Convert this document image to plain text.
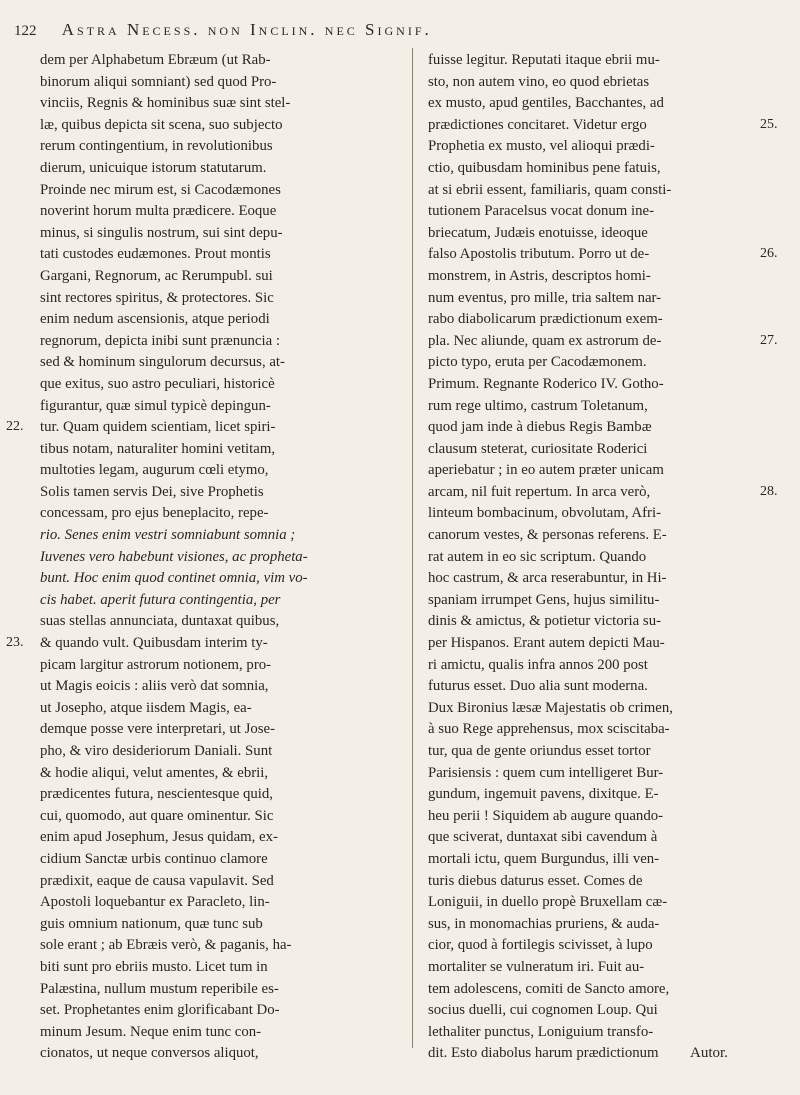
122 Astra Necess. non Inclin. nec Signif.
dem per Alphabetum Ebræum (ut Rab-
binorum aliqui somniant) sed quod Pro-
vinciis, Regnis & hominibus suæ sint stel-
læ, quibus depicta sit scena, suo subjecto
rerum contingentium, in revolutionibus
dierum, unicuique istorum statutarum.
Proinde nec mirum est, si Cacodæmones
noverint horum multa prædicere. Eoque
minus, si singulis nostrum, sui sint depu-
tati custodes eudæmones. Prout montis
Gargani, Regnorum, ac Rerumpubl. sui
sint rectores spiritus, & protectores. Sic
enim nedum ascensionis, atque periodi
regnorum, depicta inibi sunt prænuncia :
sed & hominum singulorum decursus, at-
que exitus, suo astro peculiari, historicè
figurantur, quæ simul typicè depingun-
tur. Quam quidem scientiam, licet spiri-
tibus notam, naturaliter homini vetitam,
multoties legam, augurum cœli etymo,
Solis tamen servis Dei, sive Prophetis
concessam, pro ejus beneplacito, repe-
rio. Senes enim vestri somniabunt somnia ;
Iuvenes vero habebunt visiones, ac propheta-
bunt. Hoc enim quod continet omnia, vim vo-
cis habet. aperit futura contingentia, per
suas stellas annunciata, duntaxat quibus,
& quando vult. Quibusdam interim ty-
picam largitur astrorum notionem, pro-
ut Magis eoicis : aliis verò dat somnia,
ut Josepho, atque iisdem Magis, ea-
demque posse vere interpretari, ut Jose-
pho, & viro desideriorum Daniali. Sunt
& hodie aliqui, velut amentes, & ebrii,
prædicentes futura, nescientesque quid,
cui, quomodo, aut quare ominentur. Sic
enim apud Josephum, Jesus quidam, ex-
cidium Sanctæ urbis continuo clamore
prædixit, eaque de causa vapulavit. Sed
Apostoli loquebantur ex Paracleto, lin-
guis omnium nationum, quæ tunc sub
sole erant ; ab Ebræis verò, & paganis, ha-
biti sunt pro ebriis musto. Licet tum in
Palæstina, nullum mustum reperibile es-
set. Prophetantes enim glorificabant Do-
minum Jesum. Neque enim tunc con-
cionatos, ut neque conversos aliquot,
fuisse legitur. Reputati itaque ebrii mu-
sto, non autem vino, eo quod ebrietas
ex musto, apud gentiles, Bacchantes, ad
prædictiones concitaret. Videtur ergo
Prophetia ex musto, vel alioqui prædi-
ctio, quibusdam hominibus pene fatuis,
at si ebrii essent, familiaris, quam consti-
tutionem Paracelsus vocat donum ine-
briecatum, Judæis enotuisse, ideoque
falso Apostolis tributum. Porro ut de-
monstrem, in Astris, descriptos homi-
num eventus, pro mille, tria saltem nar-
rabo diabolicarum prædictionum exem-
pla. Nec aliunde, quam ex astrorum de-
picto typo, eruta per Cacodæmonem.
Primum. Regnante Roderico IV. Gotho-
rum rege ultimo, castrum Toletanum,
quod jam inde à diebus Regis Bambæ
clausum steterat, curiositate Roderici
aperiebatur ; in eo autem præter unicam
arcam, nil fuit repertum. In arca verò,
linteum bombacinum, obvolutam, Afri-
canorum vestes, & personas referens. E-
rat autem in eo sic scriptum. Quando
hoc castrum, & arca reserabuntur, in Hi-
spaniam irrumpet Gens, hujus similitu-
dinis & amictus, & potietur victoria su-
per Hispanos. Erant autem depicti Mau-
ri amictu, qualis infra annos 200 post
futurus esset. Duo alia sunt moderna.
Dux Bironius læsæ Majestatis ob crimen,
à suo Rege apprehensus, mox sciscitaba-
tur, qua de gente oriundus esset tortor
Parisiensis : quem cum intelligeret Bur-
gundum, ingemuit pavens, dixitque. E-
heu perii ! Siquidem ab augure quando-
que sciverat, duntaxat sibi cavendum à
mortali ictu, quem Burgundus, illi ven-
turis diebus daturus esset. Comes de
Loniguii, in duello propè Bruxellam cæ-
sus, in monomachias pruriens, & auda-
cior, quod à fortilegis scivisset, à lupo
mortaliter se vulneratum iri. Fuit au-
tem adolescens, comiti de Sancto amore,
socius duelli, cui cognomen Loup. Qui
lethaliter punctus, Loniguium transfo-
dit. Esto diabolus harum prædictionum
22.
23.
25.
26.
27.
28.
Autor.
